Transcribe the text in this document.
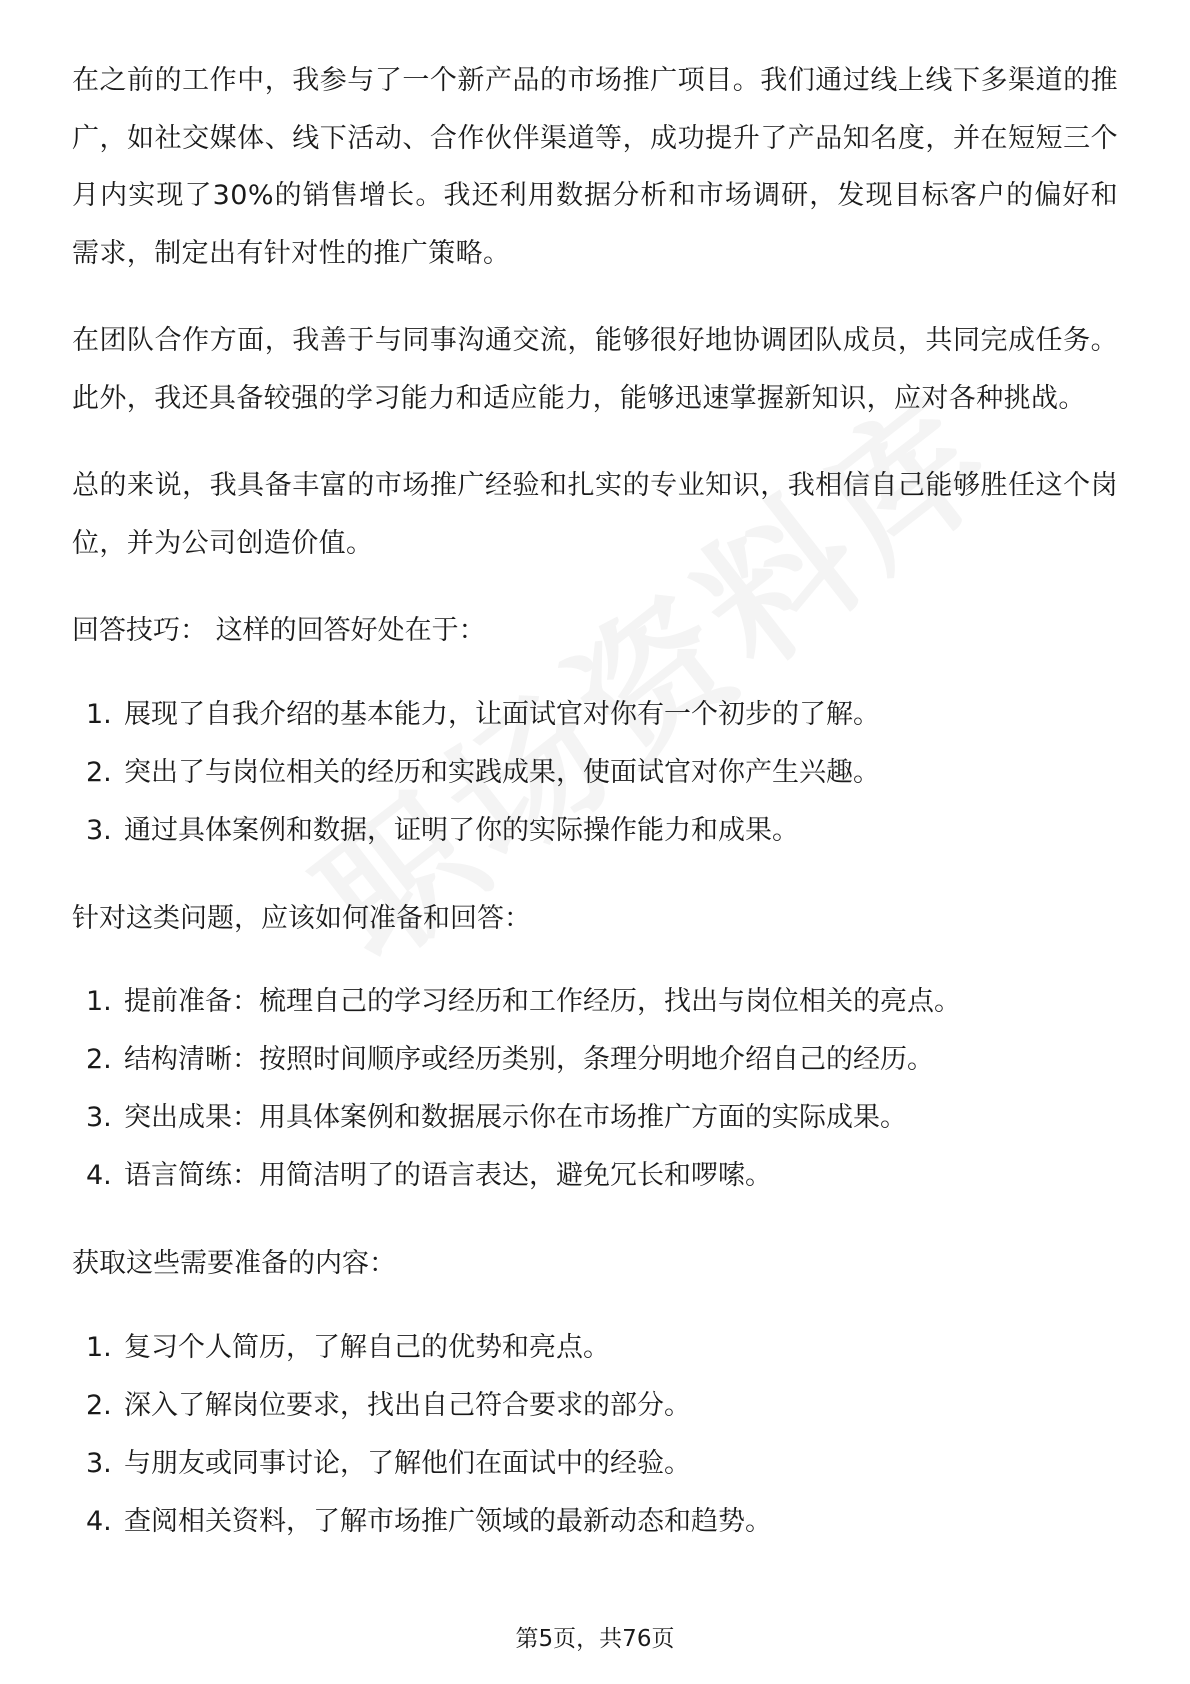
在之前的工作中，我参与了一个新产品的市场推广项目。我们通过线上线下多渠道的推广，如社交媒体、线下活动、合作伙伴渠道等，成功提升了产品知名度，并在短短三个月内实现了30%的销售增长。我还利用数据分析和市场调研，发现目标客户的偏好和需求，制定出有针对性的推广策略。

在团队合作方面，我善于与同事沟通交流，能够很好地协调团队成员，共同完成任务。此外，我还具备较强的学习能力和适应能力，能够迅速掌握新知识，应对各种挑战。

总的来说，我具备丰富的市场推广经验和扎实的专业知识，我相信自己能够胜任这个岗位，并为公司创造价值。

回答技巧： 这样的回答好处在于：

1. 展现了自我介绍的基本能力，让面试官对你有一个初步的了解。
2. 突出了与岗位相关的经历和实践成果，使面试官对你产生兴趣。
3. 通过具体案例和数据，证明了你的实际操作能力和成果。

针对这类问题，应该如何准备和回答：

1. 提前准备：梳理自己的学习经历和工作经历，找出与岗位相关的亮点。
2. 结构清晰：按照时间顺序或经历类别，条理分明地介绍自己的经历。
3. 突出成果：用具体案例和数据展示你在市场推广方面的实际成果。
4. 语言简练：用简洁明了的语言表达，避免冗长和啰嗦。

获取这些需要准备的内容：

1. 复习个人简历，了解自己的优势和亮点。
2. 深入了解岗位要求，找出自己符合要求的部分。
3. 与朋友或同事讨论，了解他们在面试中的经验。
4. 查阅相关资料，了解市场推广领域的最新动态和趋势。
第5页，共76页
